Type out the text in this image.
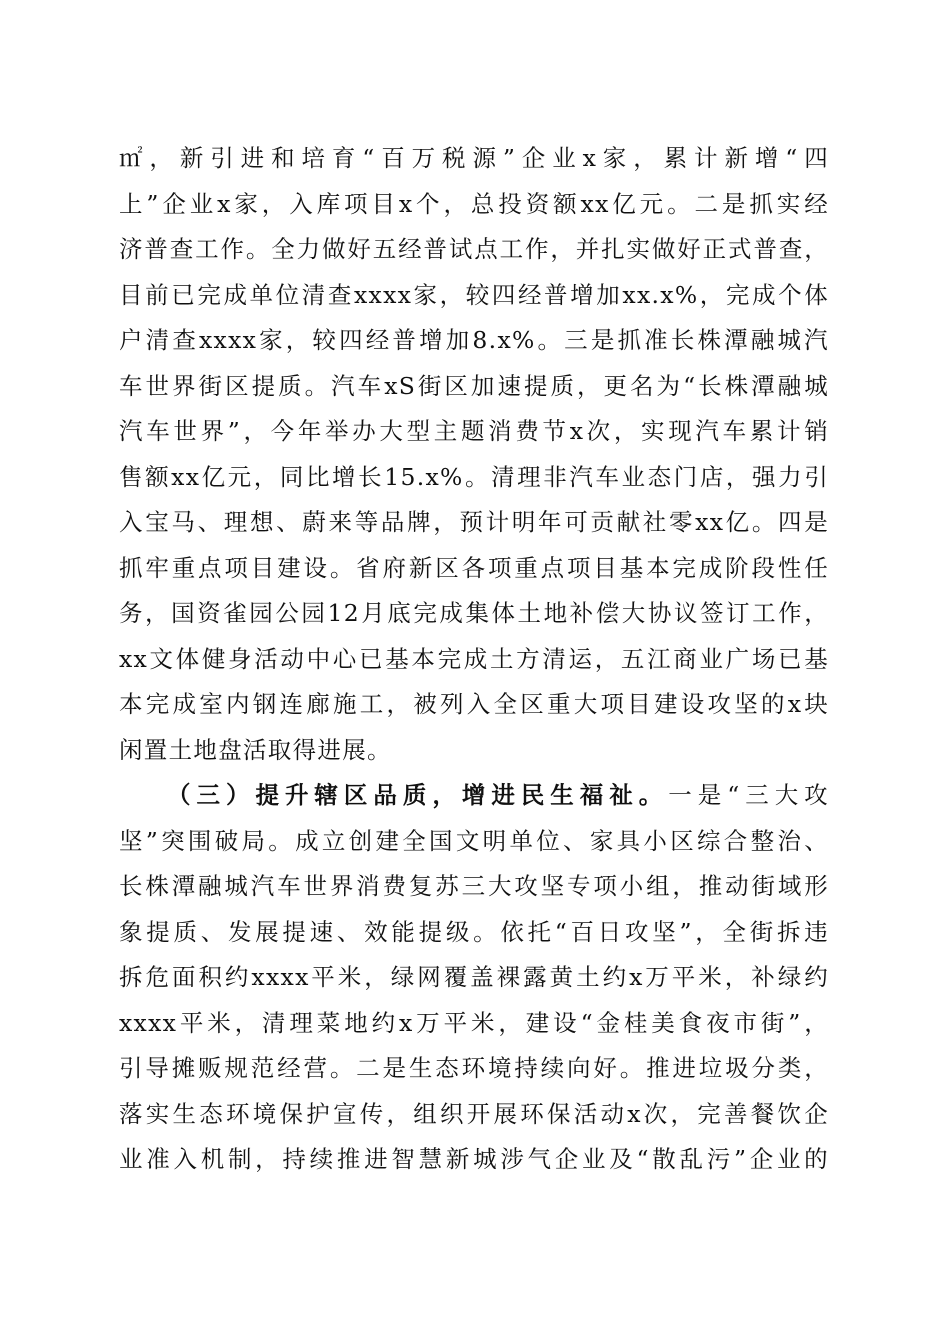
㎡，新引进和培育“百万税源”企业x家，累计新增“四
上”企业x家，入库项目x个，总投资额xx亿元。二是抓实经
济普查工作。全力做好五经普试点工作，并扎实做好正式普查，
目前已完成单位清查xxxx家，较四经普增加xx.x%，完成个体
户清查xxxx家，较四经普增加8.x%。三是抓准长株潭融城汽
车世界街区提质。汽车xS街区加速提质，更名为“长株潭融城
汽车世界”，今年举办大型主题消费节x次，实现汽车累计销
售额xx亿元，同比增长15.x%。清理非汽车业态门店，强力引
入宝马、理想、蔚来等品牌，预计明年可贡献社零xx亿。四是
抓牢重点项目建设。省府新区各项重点项目基本完成阶段性任
务，国资雀园公园12月底完成集体土地补偿大协议签订工作，
xx文体健身活动中心已基本完成土方清运，五江商业广场已基
本完成室内钢连廊施工，被列入全区重大项目建设攻坚的x块
闲置土地盘活取得进展。
（三）提升辖区品质，增进民生福祉。一是“三大攻
坚”突围破局。成立创建全国文明单位、家具小区综合整治、
长株潭融城汽车世界消费复苏三大攻坚专项小组，推动街域形
象提质、发展提速、效能提级。依托“百日攻坚”，全街拆违
拆危面积约xxxx平米，绿网覆盖裸露黄土约x万平米，补绿约
xxxx平米，清理菜地约x万平米，建设“金桂美食夜市街”，
引导摊贩规范经营。二是生态环境持续向好。推进垃圾分类，
落实生态环境保护宣传，组织开展环保活动x次，完善餐饮企
业准入机制，持续推进智慧新城涉气企业及“散乱污”企业的
